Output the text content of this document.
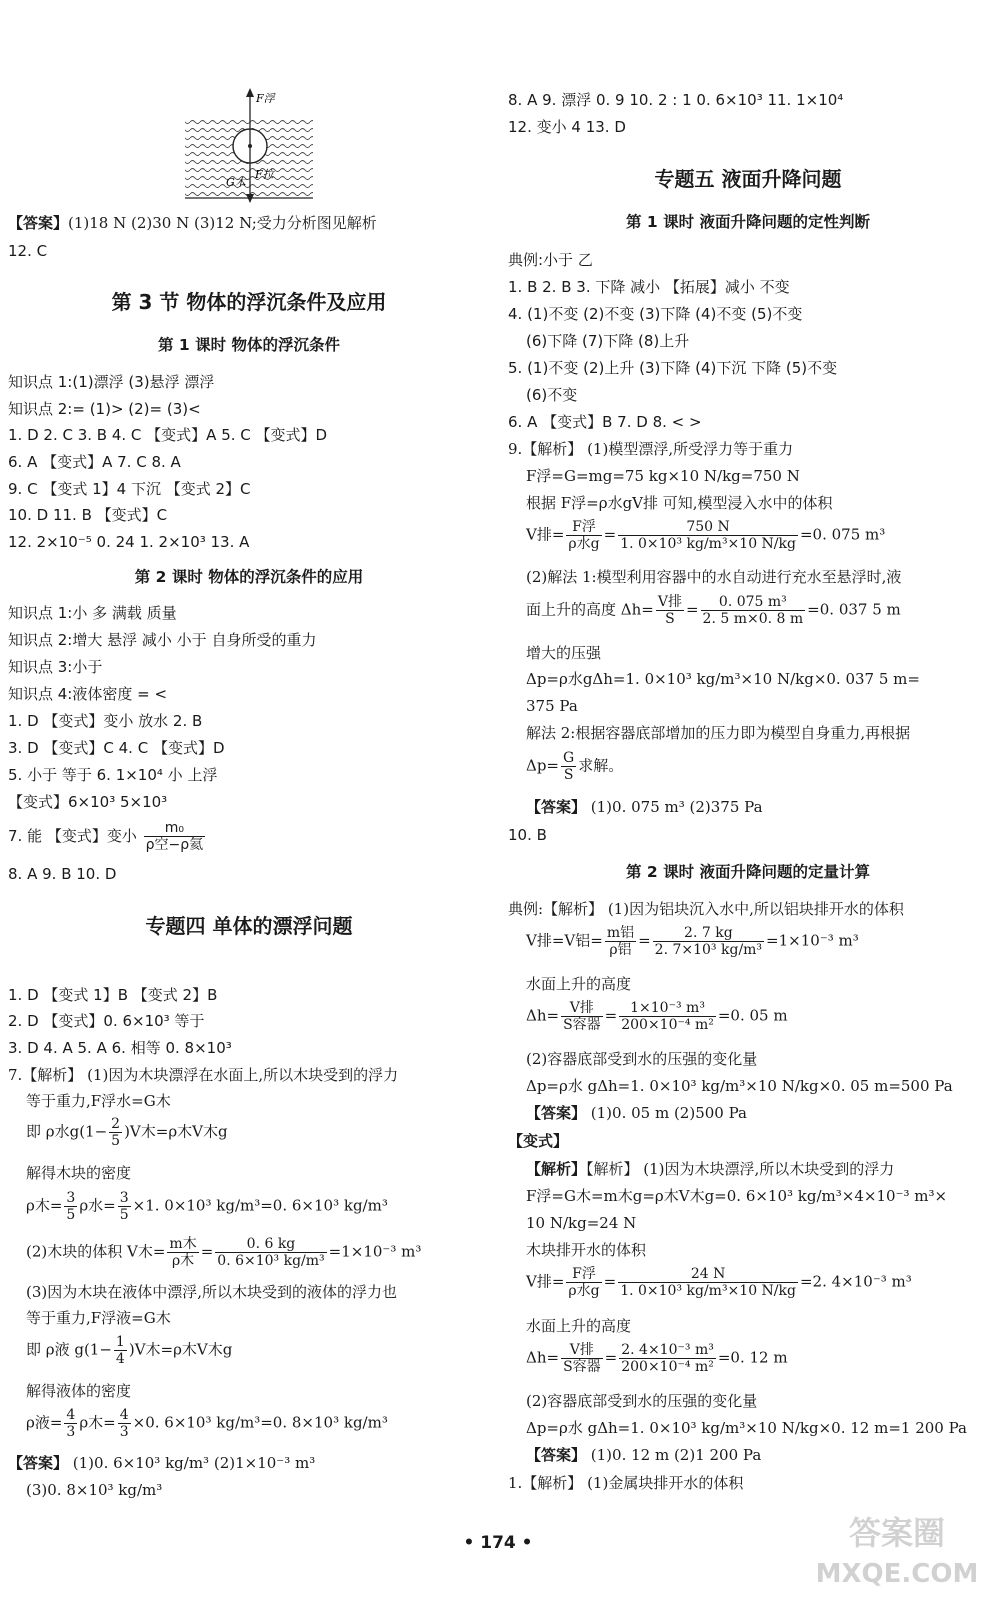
F浮
G木
F拉
【答案】(1)18 N (2)30 N (3)12 N;受力分析图见解析
12. C
第 3 节 物体的浮沉条件及应用
第 1 课时 物体的浮沉条件
知识点 1:(1)漂浮 (3)悬浮 漂浮
知识点 2:= (1)> (2)= (3)<
1. D 2. C 3. B 4. C 【变式】A 5. C 【变式】D
6. A 【变式】A 7. C 8. A
9. C 【变式 1】4 下沉 【变式 2】C
10. D 11. B 【变式】C
12. 2×10⁻⁵ 0. 24 1. 2×10³ 13. A
第 2 课时 物体的浮沉条件的应用
知识点 1:小 多 满载 质量
知识点 2:增大 悬浮 减小 小于 自身所受的重力
知识点 3:小于
知识点 4:液体密度 = <
1. D 【变式】变小 放水 2. B
3. D 【变式】C 4. C 【变式】D
5. 小于 等于 6. 1×10⁴ 小 上浮
【变式】6×10³ 5×10³
7. 能 【变式】变小 $\frac{\text{m₀}}{\text{ρ空−ρ氦}}$
8. A 9. B 10. D
专题四 单体的漂浮问题
1. D 【变式 1】B 【变式 2】B
2. D 【变式】0. 6×10³ 等于
3. D 4. A 5. A 6. 相等 0. 8×10³
7.【解析】 (1)因为木块漂浮在水面上,所以木块受到的浮力
等于重力,F浮水=G木
即 ρ水$g(1- \frac{2}{5} )V$木=ρ木V木g
解得木块的密度
ρ木= $\frac{3}{5}$ ρ水= $\frac{3}{5} \times 1$. 0×10³ kg/m³=0. 6×10³ kg/m³
(2)木块的体积 V木= $\frac{\text{m木}}{\text{ρ木}} = \frac{0. 6 kg}{\text{0. 6×10³ kg/m³}} =1\times 10^{-3}$ m³
(3)因为木块在液体中漂浮,所以木块受到的液体的浮力也
等于重力,F浮液=G木
即 ρ液 $g(1- \frac{1}{4} )V$木=ρ木V木g
解得液体的密度
ρ液= $\frac{4}{3}$ ρ木= $\frac{4}{3} \times 0$. 6×10³ kg/m³=0. 8×10³ kg/m³
【答案】 (1)0. 6×10³ kg/m³ (2)1×10⁻³ m³
(3)0. 8×10³ kg/m³
8. A 9. 漂浮 0. 9 10. 2 : 1 0. 6×10³ 11. 1×10⁴
12. 变小 4 13. D
专题五 液面升降问题
第 1 课时 液面升降问题的定性判断
典例:小于 乙
1. B 2. B 3. 下降 减小 【拓展】减小 不变
4. (1)不变 (2)不变 (3)下降 (4)不变 (5)不变
(6)下降 (7)下降 (8)上升
5. (1)不变 (2)上升 (3)下降 (4)下沉 下降 (5)不变
(6)不变
6. A 【变式】B 7. D 8. < >
9.【解析】 (1)模型漂浮,所受浮力等于重力
F浮=G=mg=75 kg×10 N/kg=750 N
根据 F浮=ρ水gV排 可知,模型浸入水中的体积
V排= $\frac{\text{F浮}}{\text{ρ水g}} = \frac{750 N}{\text{1. 0×10³ kg/m³×10 N/kg}} =0$. 075 m³
(2)解法 1:模型利用容器中的水自动进行充水至悬浮时,液
面上升的高度 $\Delta h= \frac{\text{V排}}{S} = \frac{\text{0. 075 m³}}{2. 5 m\times 0. 8 m} =0$. 037 5 m
增大的压强
Δp=ρ水gΔh=1. 0×10³ kg/m³×10 N/kg×0. 037 5 m=
375 Pa
解法 2:根据容器底部增加的压力即为模型自身重力,再根据
$\Delta p= \frac{G}{S}$ 求解。
【答案】 (1)0. 075 m³ (2)375 Pa
10. B
第 2 课时 液面升降问题的定量计算
典例:【解析】 (1)因为铝块沉入水中,所以铝块排开水的体积
V排=V铝= $\frac{\text{m铝}}{\text{ρ铝}} = \frac{2. 7 kg}{\text{2. 7×10³ kg/m³}} =1\times 10^{-3}$ m³
水面上升的高度
$\Delta h= \frac{\text{V排}}{\text{S容器}} = \frac{\text{1×10⁻³ m³}}{\text{200×10⁻⁴ m²}} =0$. 05 m
(2)容器底部受到水的压强的变化量
Δp=ρ水 gΔh=1. 0×10³ kg/m³×10 N/kg×0. 05 m=500 Pa
【答案】 (1)0. 05 m (2)500 Pa
【变式】
【解析】【解析】 (1)因为木块漂浮,所以木块受到的浮力
F浮=G木=m木g=ρ木V木g=0. 6×10³ kg/m³×4×10⁻³ m³×
10 N/kg=24 N
木块排开水的体积
V排= $\frac{\text{F浮}}{\text{ρ水g}} = \frac{24 N}{\text{1. 0×10³ kg/m³×10 N/kg}} =2$. 4×10⁻³ m³
水面上升的高度
$\Delta h= \frac{\text{V排}}{\text{S容器}} = \frac{\text{2. 4×10⁻³ m³}}{\text{200×10⁻⁴ m²}} =0$. 12 m
(2)容器底部受到水的压强的变化量
Δp=ρ水 gΔh=1. 0×10³ kg/m³×10 N/kg×0. 12 m=1 200 Pa
【答案】 (1)0. 12 m (2)1 200 Pa
1.【解析】 (1)金属块排开水的体积
• 174 •	答案圈
MXQE.COM
